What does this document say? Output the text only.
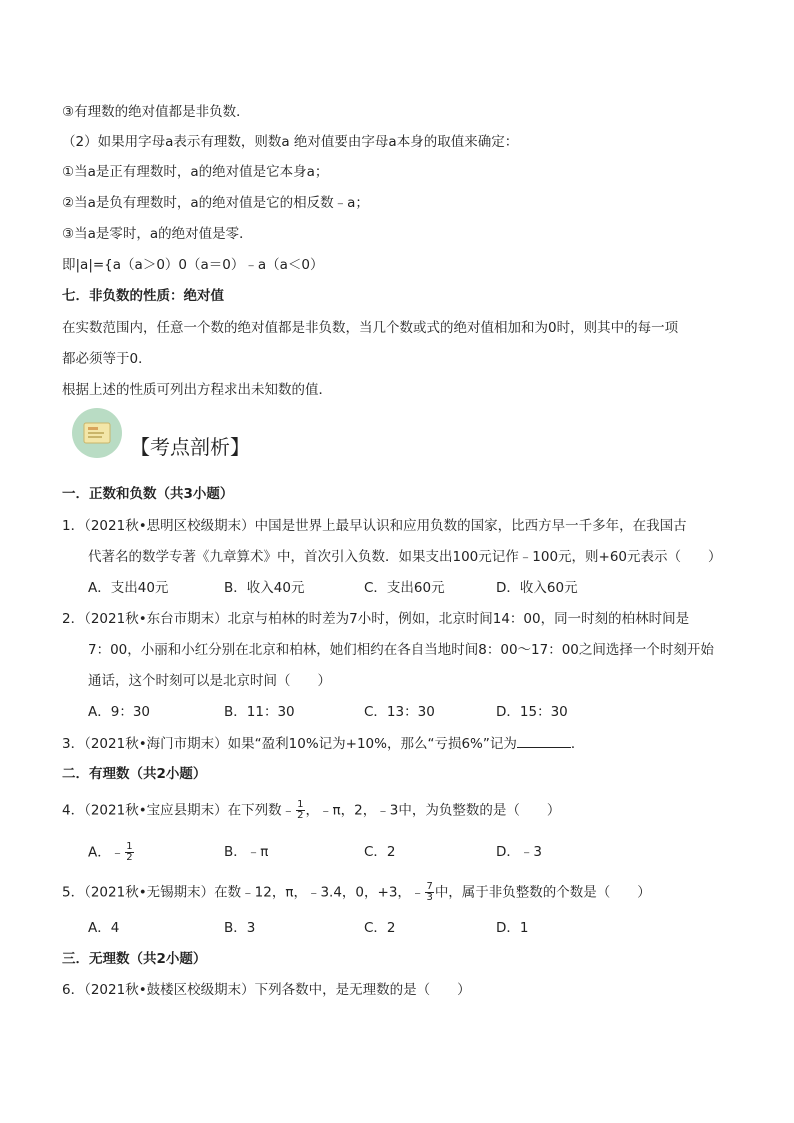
③有理数的绝对值都是非负数．
（2）如果用字母a表示有理数，则数a 绝对值要由字母a本身的取值来确定：
①当a是正有理数时，a的绝对值是它本身a；
②当a是负有理数时，a的绝对值是它的相反数﹣a；
③当a是零时，a的绝对值是零．
即|a|={a（a＞0）0（a＝0）﹣a（a＜0）
七．非负数的性质：绝对值
在实数范围内，任意一个数的绝对值都是非负数，当几个数或式的绝对值相加和为0时，则其中的每一项
都必须等于0．
根据上述的性质可列出方程求出未知数的值．
【考点剖析】
一．正数和负数（共3小题）
1．（2021秋•思明区校级期末）中国是世界上最早认识和应用负数的国家，比西方早一千多年，在我国古
代著名的数学专著《九章算术》中，首次引入负数．如果支出100元记作﹣100元，则+60元表示（　　）
A．支出40元	B．收入40元	C．支出60元	D．收入60元
2．（2021秋•东台市期末）北京与柏林的时差为7小时，例如，北京时间14：00，同一时刻的柏林时间是
7：00，小丽和小红分别在北京和柏林，她们相约在各自当地时间8：00～17：00之间选择一个时刻开始
通话，这个时刻可以是北京时间（　　）
A．9：30	B．11：30	C．13：30	D．15：30
3．（2021秋•海门市期末）如果“盈利10%记为+10%，那么“亏损6%”记为	．
二．有理数（共2小题）
4．（2021秋•宝应县期末）在下列数﹣ $\frac{1}{2}$ ，﹣π，2，﹣3中，为负整数的是（　　）
A．﹣ $\frac{1}{2}$	B．﹣π	C．2	D．﹣3
5．（2021秋•无锡期末）在数﹣12，π，﹣3.4，0，+3，﹣ $\frac{7}{3}$ 中，属于非负整数的个数是（　　）
A．4	B．3	C．2	D．1
三．无理数（共2小题）
6．（2021秋•鼓楼区校级期末）下列各数中，是无理数的是（　　）
